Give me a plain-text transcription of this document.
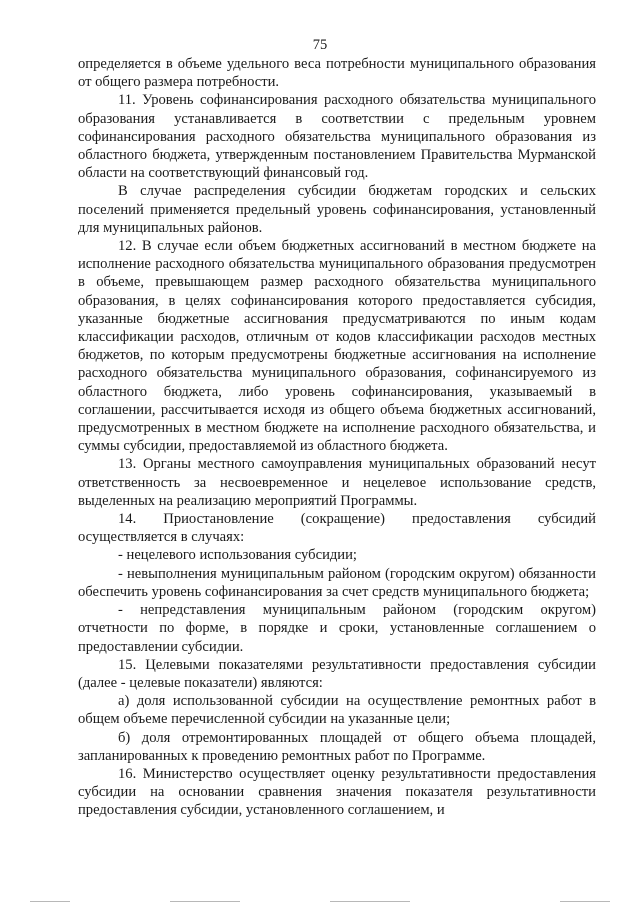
75

определяется в объеме удельного веса потребности муниципального образования от общего размера потребности.

11. Уровень софинансирования расходного обязательства муниципального образования устанавливается в соответствии с предельным уровнем софинансирования расходного обязательства муниципального образования из областного бюджета, утвержденным постановлением Правительства Мурманской области на соответствующий финансовый год.

В случае распределения субсидии бюджетам городских и сельских поселений применяется предельный уровень софинансирования, установленный для муниципальных районов.

12. В случае если объем бюджетных ассигнований в местном бюджете на исполнение расходного обязательства муниципального образования предусмотрен в объеме, превышающем размер расходного обязательства муниципального образования, в целях софинансирования которого предоставляется субсидия, указанные бюджетные ассигнования предусматриваются по иным кодам классификации расходов, отличным от кодов классификации расходов местных бюджетов, по которым предусмотрены бюджетные ассигнования на исполнение расходного обязательства муниципального образования, софинансируемого из областного бюджета, либо уровень софинансирования, указываемый в соглашении, рассчитывается исходя из общего объема бюджетных ассигнований, предусмотренных в местном бюджете на исполнение расходного обязательства, и суммы субсидии, предоставляемой из областного бюджета.

13. Органы местного самоуправления муниципальных образований несут ответственность за несвоевременное и нецелевое использование средств, выделенных на реализацию мероприятий Программы.

14. Приостановление (сокращение) предоставления субсидий осуществляется в случаях:

- нецелевого использования субсидии;

- невыполнения муниципальным районом (городским округом) обязанности обеспечить уровень софинансирования за счет средств муниципального бюджета;

- непредставления муниципальным районом (городским округом) отчетности по форме, в порядке и сроки, установленные соглашением о предоставлении субсидии.

15. Целевыми показателями результативности предоставления субсидии (далее - целевые показатели) являются:

а) доля использованной субсидии на осуществление ремонтных работ в общем объеме перечисленной субсидии на указанные цели;

б) доля отремонтированных площадей от общего объема площадей, запланированных к проведению ремонтных работ по Программе.

16. Министерство осуществляет оценку результативности предоставления субсидии на основании сравнения значения показателя результативности предоставления субсидии, установленного соглашением, и
